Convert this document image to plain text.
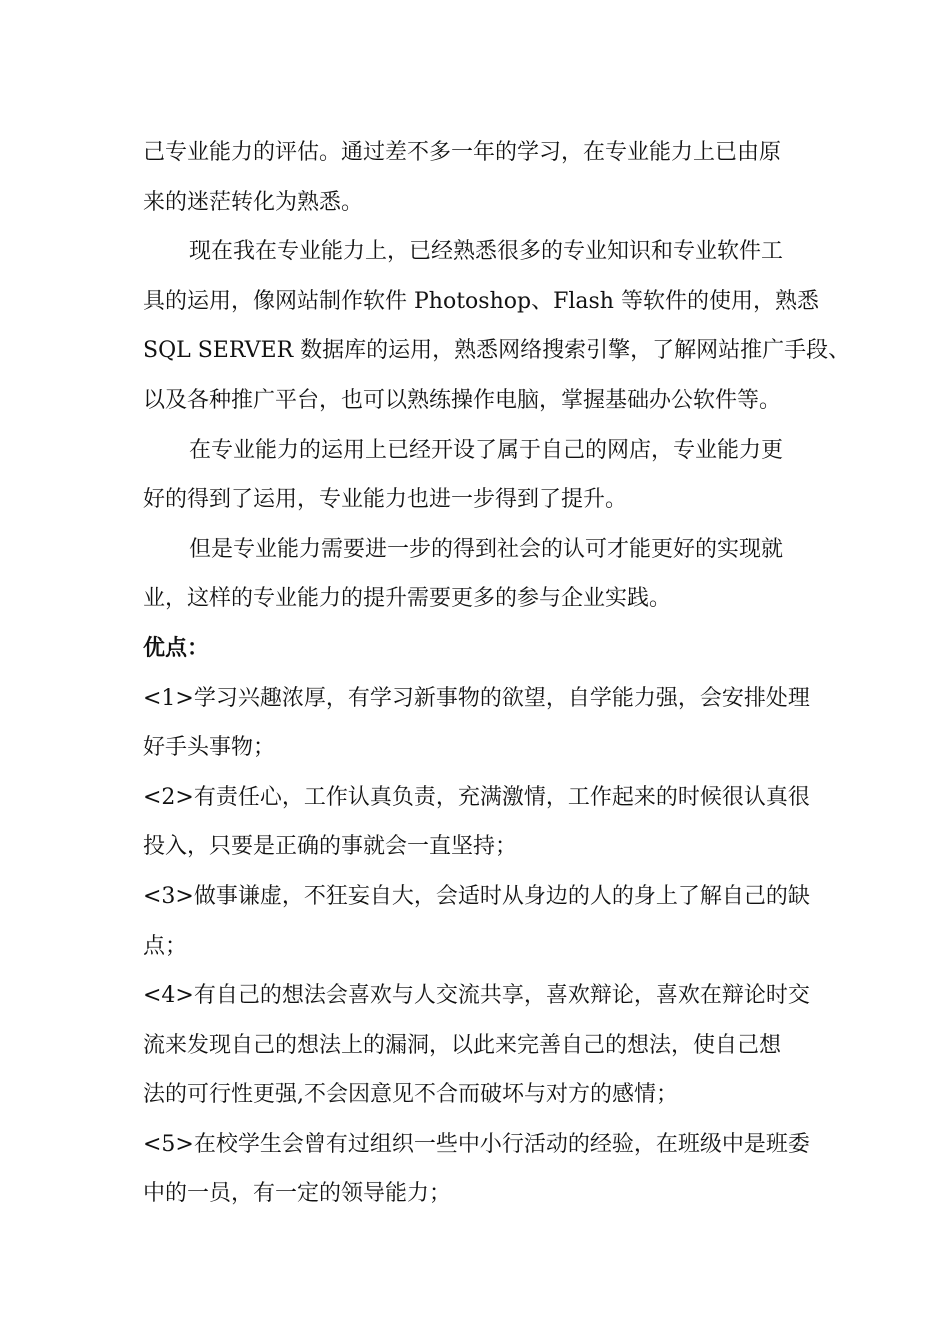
己专业能力的评估。通过差不多一年的学习，在专业能力上已由原
来的迷茫转化为熟悉。
现在我在专业能力上，已经熟悉很多的专业知识和专业软件工
具的运用，像网站制作软件 Photoshop、Flash 等软件的使用，熟悉
SQL SERVER 数据库的运用，熟悉网络搜索引擎，了解网站推广手段、
以及各种推广平台，也可以熟练操作电脑，掌握基础办公软件等。
在专业能力的运用上已经开设了属于自己的网店，专业能力更
好的得到了运用，专业能力也进一步得到了提升。
但是专业能力需要进一步的得到社会的认可才能更好的实现就
业，这样的专业能力的提升需要更多的参与企业实践。
优点：
<1>学习兴趣浓厚，有学习新事物的欲望，自学能力强，会安排处理
好手头事物；
<2>有责任心，工作认真负责，充满激情，工作起来的时候很认真很
投入，只要是正确的事就会一直坚持；
<3>做事谦虚，不狂妄自大，会适时从身边的人的身上了解自己的缺
点；
<4>有自己的想法会喜欢与人交流共享，喜欢辩论，喜欢在辩论时交
流来发现自己的想法上的漏洞，以此来完善自己的想法，使自己想
法的可行性更强,不会因意见不合而破坏与对方的感情；
<5>在校学生会曾有过组织一些中小行活动的经验，在班级中是班委
中的一员，有一定的领导能力；
